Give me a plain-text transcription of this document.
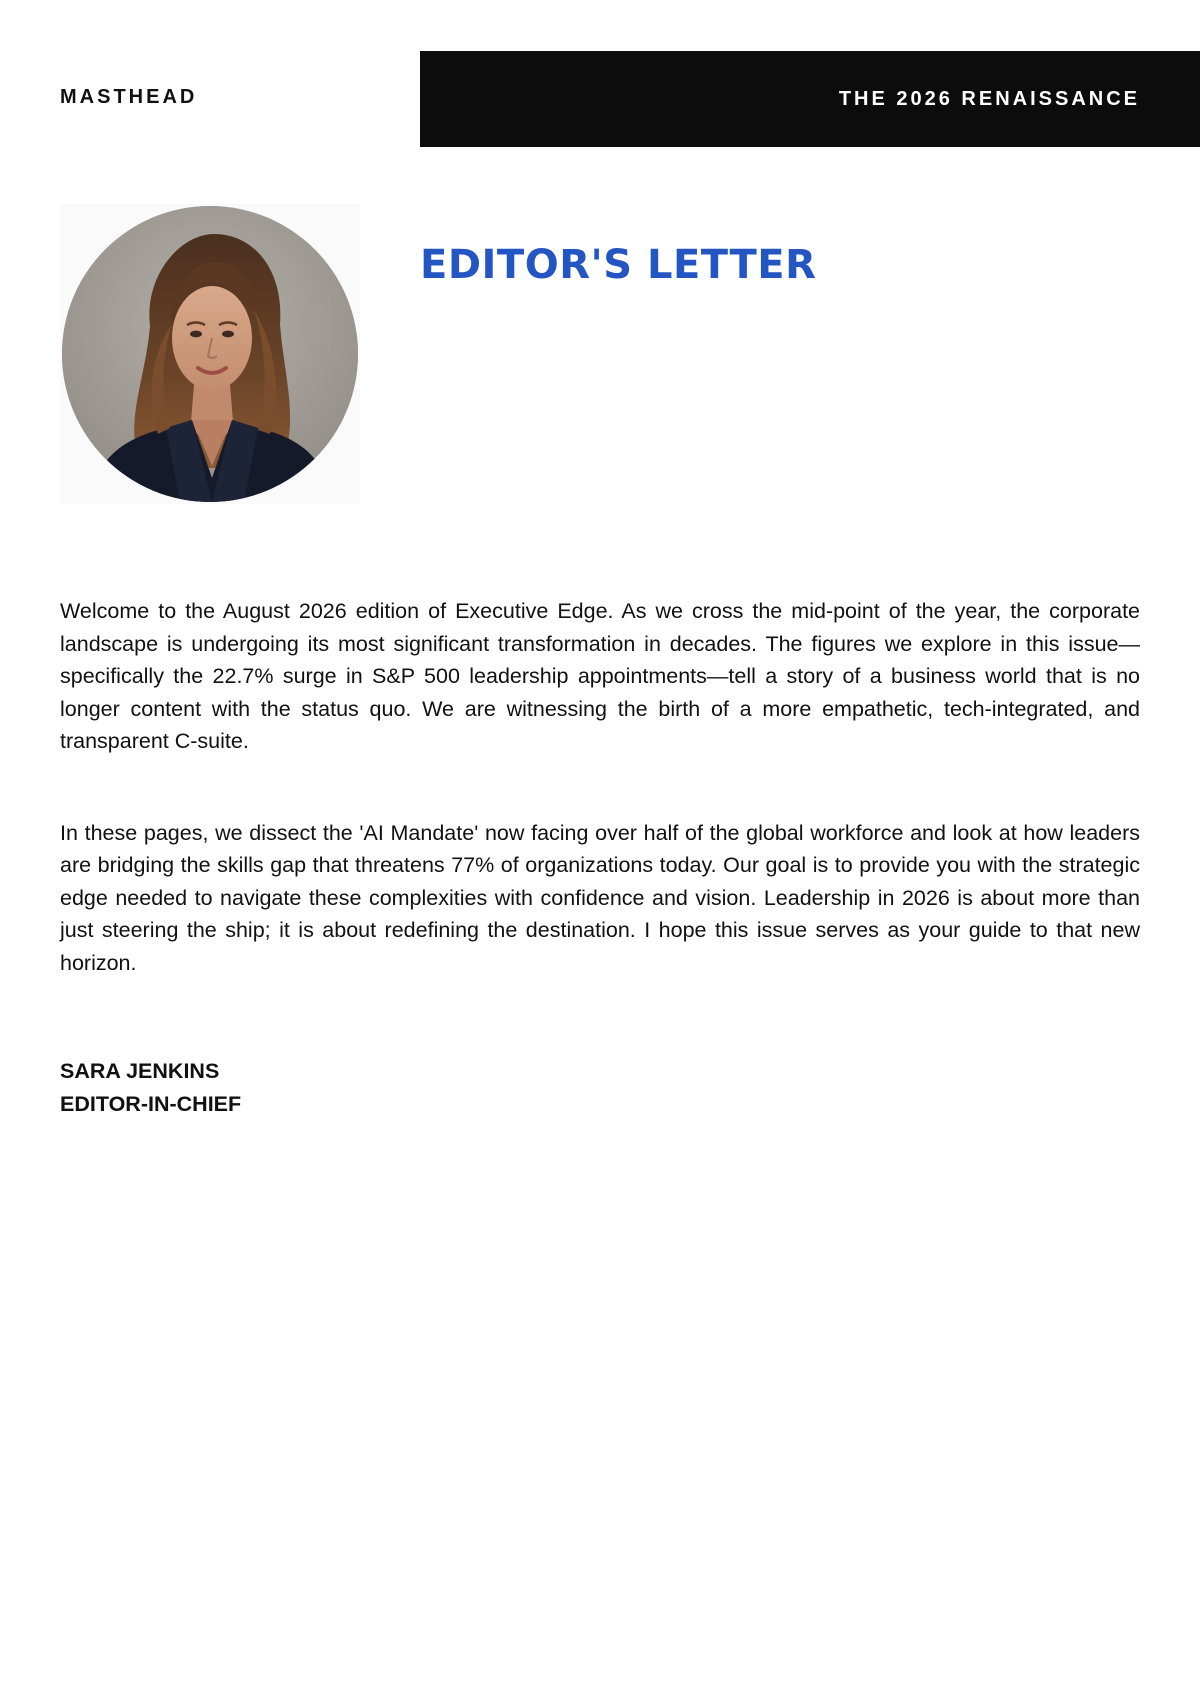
MASTHEAD	THE 2026 RENAISSANCE
EDITOR'S LETTER

Welcome to the August 2026 edition of Executive Edge. As we cross the mid-point of the year, the corporate landscape is undergoing its most significant transformation in decades. The figures we explore in this issue—specifically the 22.7% surge in S&P 500 leadership appointments—tell a story of a business world that is no longer content with the status quo. We are witnessing the birth of a more empathetic, tech-integrated, and transparent C-suite.

In these pages, we dissect the 'AI Mandate' now facing over half of the global workforce and look at how leaders are bridging the skills gap that threatens 77% of organizations today. Our goal is to provide you with the strategic edge needed to navigate these complexities with confidence and vision. Leadership in 2026 is about more than just steering the ship; it is about redefining the destination. I hope this issue serves as your guide to that new horizon.

SARA JENKINS
EDITOR-IN-CHIEF
